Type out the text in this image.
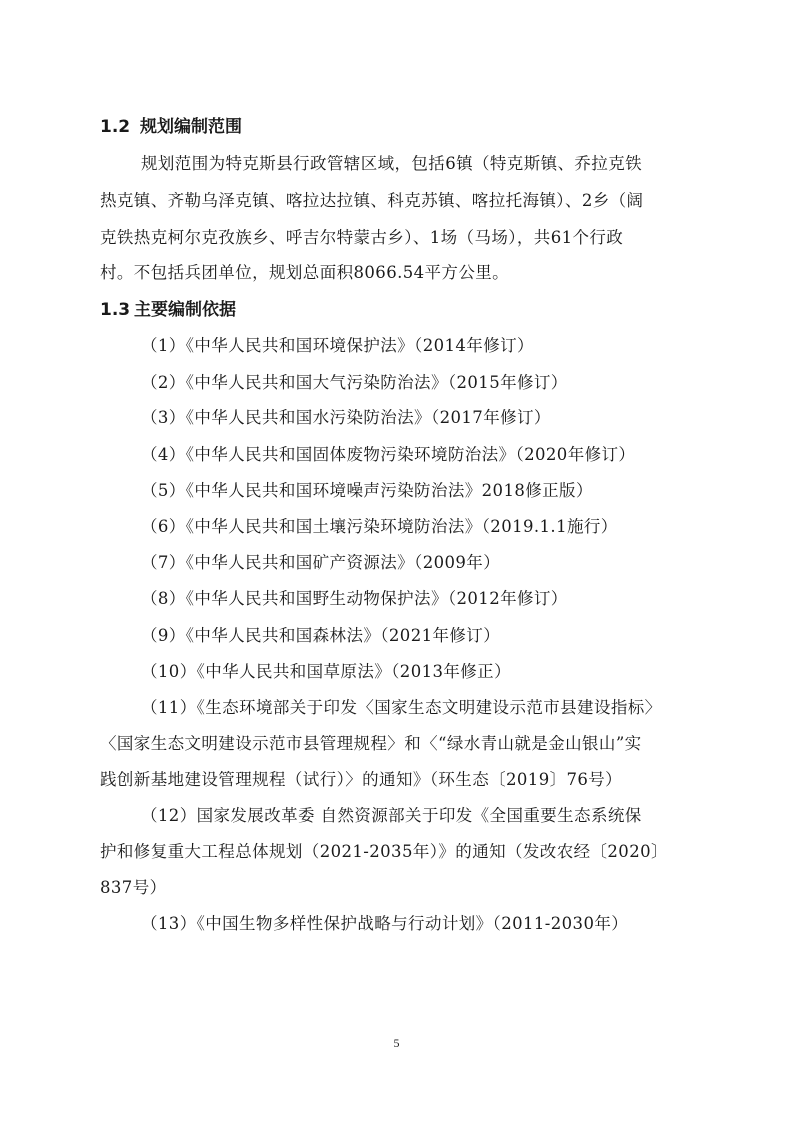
1.2 规划编制范围
规划范围为特克斯县行政管辖区域，包括6镇（特克斯镇、乔拉克铁
热克镇、齐勒乌泽克镇、喀拉达拉镇、科克苏镇、喀拉托海镇）、2乡（阔
克铁热克柯尔克孜族乡、呼吉尔特蒙古乡）、1场（马场），共61个行政
村。不包括兵团单位，规划总面积8066.54平方公里。
1.3 主要编制依据
（1）《中华人民共和国环境保护法》（2014年修订）
（2）《中华人民共和国大气污染防治法》（2015年修订）
（3）《中华人民共和国水污染防治法》（2017年修订）
（4）《中华人民共和国固体废物污染环境防治法》（2020年修订）
（5）《中华人民共和国环境噪声污染防治法》2018修正版）
（6）《中华人民共和国土壤污染环境防治法》（2019.1.1施行）
（7）《中华人民共和国矿产资源法》（2009年）
（8）《中华人民共和国野生动物保护法》（2012年修订）
（9）《中华人民共和国森林法》（2021年修订）
（10）《中华人民共和国草原法》（2013年修正）
（11）《生态环境部关于印发〈国家生态文明建设示范市县建设指标〉
〈国家生态文明建设示范市县管理规程〉和〈“绿水青山就是金山银山”实
践创新基地建设管理规程（试行）〉的通知》（环生态〔2019〕76号）
（12）国家发展改革委 自然资源部关于印发《全国重要生态系统保
护和修复重大工程总体规划（2021-2035年）》的通知（发改农经〔2020〕
837号）
（13）《中国生物多样性保护战略与行动计划》（2011-2030年）
5
